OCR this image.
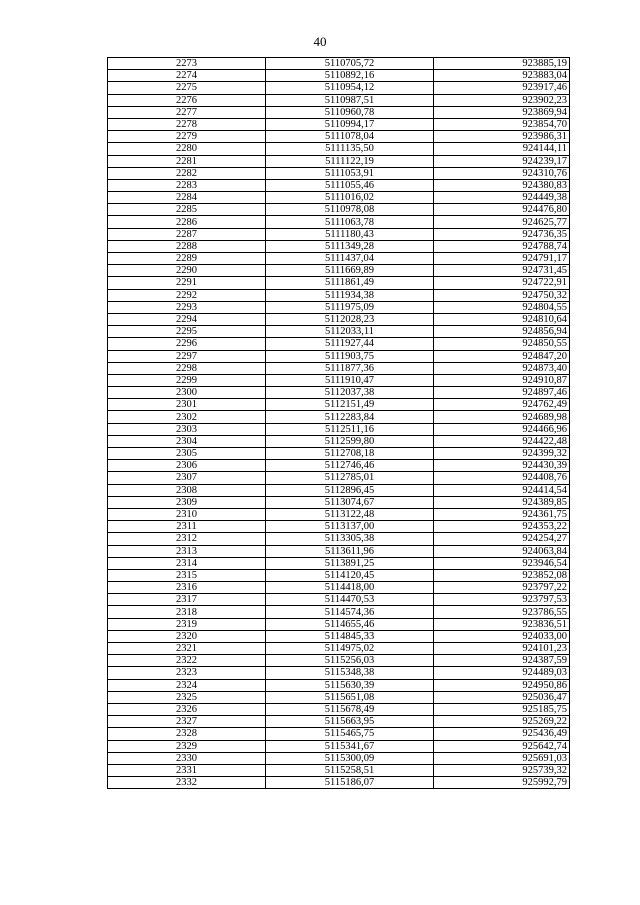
40
2273	5110705,72	923885,19
2274	5110892,16	923883,04
2275	5110954,12	923917,46
2276	5110987,51	923902,23
2277	5110960,78	923869,94
2278	5110994,17	923854,70
2279	5111078,04	923986,31
2280	5111135,50	924144,11
2281	5111122,19	924239,17
2282	5111053,91	924310,76
2283	5111055,46	924380,83
2284	5111016,02	924449,38
2285	5110978,08	924476,80
2286	5111063,78	924625,77
2287	5111180,43	924736,35
2288	5111349,28	924788,74
2289	5111437,04	924791,17
2290	5111669,89	924731,45
2291	5111861,49	924722,91
2292	5111934,38	924750,32
2293	5111975,09	924804,55
2294	5112028,23	924810,64
2295	5112033,11	924856,94
2296	5111927,44	924850,55
2297	5111903,75	924847,20
2298	5111877,36	924873,40
2299	5111910,47	924910,87
2300	5112037,38	924897,46
2301	5112151,49	924762,49
2302	5112283,84	924689,98
2303	5112511,16	924466,96
2304	5112599,80	924422,48
2305	5112708,18	924399,32
2306	5112746,46	924430,39
2307	5112785,01	924408,76
2308	5112896,45	924414,54
2309	5113074,67	924389,85
2310	5113122,48	924361,75
2311	5113137,00	924353,22
2312	5113305,38	924254,27
2313	5113611,96	924063,84
2314	5113891,25	923946,54
2315	5114120,45	923852,08
2316	5114418,00	923797,22
2317	5114470,53	923797,53
2318	5114574,36	923786,55
2319	5114655,46	923836,51
2320	5114845,33	924033,00
2321	5114975,02	924101,23
2322	5115256,03	924387,59
2323	5115348,38	924489,03
2324	5115630,39	924950,86
2325	5115651,08	925036,47
2326	5115678,49	925185,75
2327	5115663,95	925269,22
2328	5115465,75	925436,49
2329	5115341,67	925642,74
2330	5115300,09	925691,03
2331	5115258,51	925739,32
2332	5115186,07	925992,79
